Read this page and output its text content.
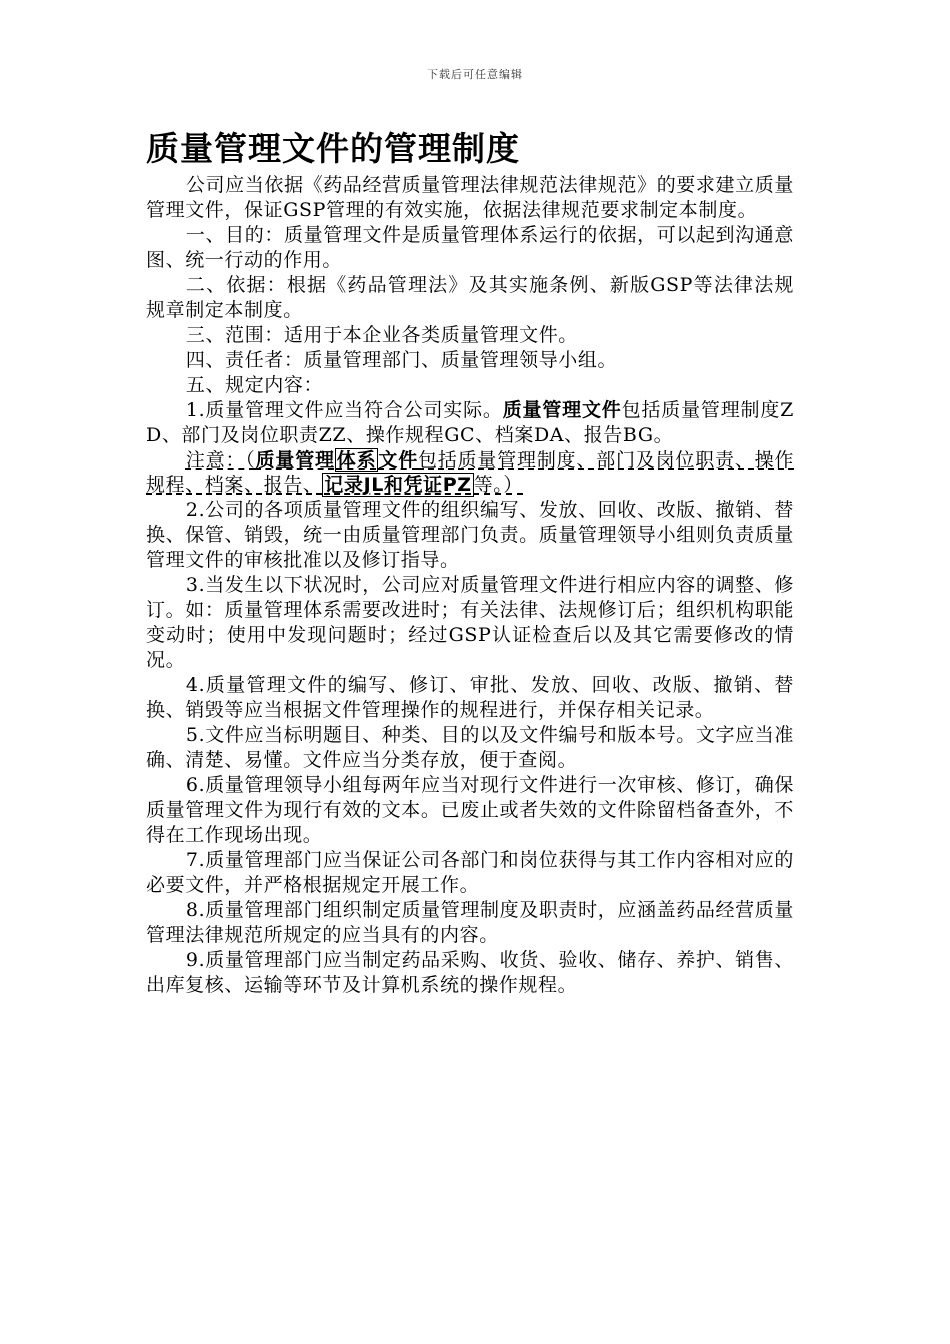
下载后可任意编辑
质量管理文件的管理制度

公司应当依据《药品经营质量管理法律规范法律规范》的要求建立质量管理文件，保证GSP管理的有效实施，依据法律规范要求制定本制度。

一、目的：质量管理文件是质量管理体系运行的依据，可以起到沟通意图、统一行动的作用。

二、依据：根据《药品管理法》及其实施条例、新版GSP等法律法规规章制定本制度。

三、范围：适用于本企业各类质量管理文件。

四、责任者：质量管理部门、质量管理领导小组。

五、规定内容：

1.质量管理文件应当符合公司实际。质量管理文件包括质量管理制度ZD、部门及岗位职责ZZ、操作规程GC、档案DA、报告BG。

注意：（质量管理 体系 文件包括质量管理制度、部门及岗位职责、操作规程、档案、报告、 记录JL和凭证PZ 等。）

2.公司的各项质量管理文件的组织编写、发放、回收、改版、撤销、替换、保管、销毁，统一由质量管理部门负责。质量管理领导小组则负责质量管理文件的审核批准以及修订指导。

3.当发生以下状况时，公司应对质量管理文件进行相应内容的调整、修订。如：质量管理体系需要改进时；有关法律、法规修订后；组织机构职能变动时；使用中发现问题时；经过GSP认证检查后以及其它需要修改的情况。

4.质量管理文件的编写、修订、审批、发放、回收、改版、撤销、替换、销毁等应当根据文件管理操作的规程进行，并保存相关记录。

5.文件应当标明题目、种类、目的以及文件编号和版本号。文字应当准确、清楚、易懂。文件应当分类存放，便于查阅。

6.质量管理领导小组每两年应当对现行文件进行一次审核、修订，确保质量管理文件为现行有效的文本。已废止或者失效的文件除留档备查外，不得在工作现场出现。

7.质量管理部门应当保证公司各部门和岗位获得与其工作内容相对应的必要文件，并严格根据规定开展工作。

8.质量管理部门组织制定质量管理制度及职责时，应涵盖药品经营质量管理法律规范所规定的应当具有的内容。

9.质量管理部门应当制定药品采购、收货、验收、储存、养护、销售、出库复核、运输等环节及计算机系统的操作规程。
